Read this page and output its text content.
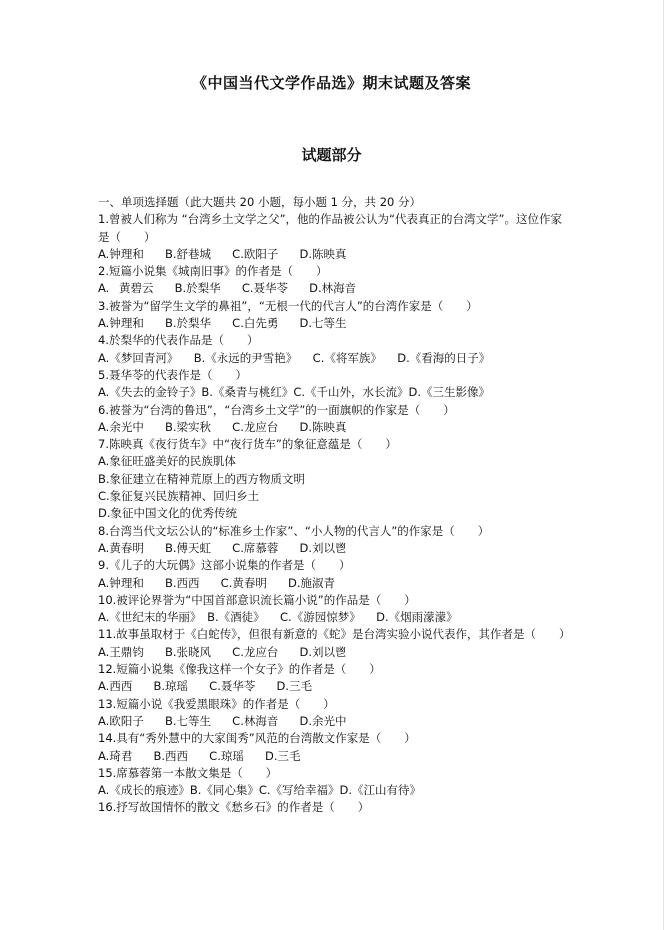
《中国当代文学作品选》期末试题及答案
试题部分
一、单项选择题（此大题共 20 小题，每小题 1 分，共 20 分）
1.曾被人们称为 “台湾乡土文学之父”，他的作品被公认为“代表真正的台湾文学”。这位作家是（　　）
A.钟理和　 B.舒巷城　 C.欧阳子　 D.陈映真
2.短篇小说集《城南旧事》的作者是（　　）
A. 黄碧云　 B.於梨华　 C.聂华苓　 D.林海音
3.被誉为“留学生文学的鼻祖”，“无根一代的代言人”的台湾作家是（　　）
A.钟理和　 B.於梨华　 C.白先勇　 D.七等生
4.於梨华的代表作品是（　　）
A.《梦回青河》　 B.《永远的尹雪艳》　 C.《将军族》　 D.《看海的日子》
5.聂华苓的代表作是（　　）
A.《失去的金铃子》B.《桑青与桃红》C.《千山外，水长流》D.《三生影像》
6.被誉为“台湾的鲁迅”，“台湾乡土文学”的一面旗帜的作家是（　　）
A.余光中　 B.梁实秋　 C.龙应台　 D.陈映真
7.陈映真《夜行货车》中“夜行货车”的象征意蕴是（　　）
A.象征旺盛美好的民族肌体
B.象征建立在精神荒原上的西方物质文明
C.象征复兴民族精神、回归乡土
D.象征中国文化的优秀传统
8.台湾当代文坛公认的“标准乡土作家”、“小人物的代言人”的作家是（　　）
A.黄春明　 B.傅天虹　 C.席慕蓉　 D.刘以鬯
9.《儿子的大玩偶》这部小说集的作者是（　　）
A.钟理和　 B.西西　 C.黄春明　 D.施淑青
10.被评论界誉为“中国首部意识流长篇小说”的作品是（　　）
A.《世纪末的华丽》　B.《酒徒》　 C.《游园惊梦》　 D.《烟雨濛濛》
11.故事虽取材于《白蛇传》，但很有新意的《蛇》是台湾实验小说代表作，其作者是（　　）
A.王鼎钧　 B.张晓风　 C.龙应台　 D.刘以鬯
12.短篇小说集《像我这样一个女子》的作者是（　　）
A.西西　 B.琼瑶　 C.聂华苓　 D.三毛
13.短篇小说《我爱黑眼珠》的作者是（　　）
A.欧阳子　 B.七等生　 C.林海音　 D.余光中
14.具有“秀外慧中的大家闺秀”风范的台湾散文作家是（　　）
A.琦君　 B.西西　 C.琼瑶　 D.三毛
15.席慕蓉第一本散文集是（　　）
A.《成长的痕迹》B.《同心集》C.《写给幸福》D.《江山有待》
16.抒写故国情怀的散文《愁乡石》的作者是（　　）
